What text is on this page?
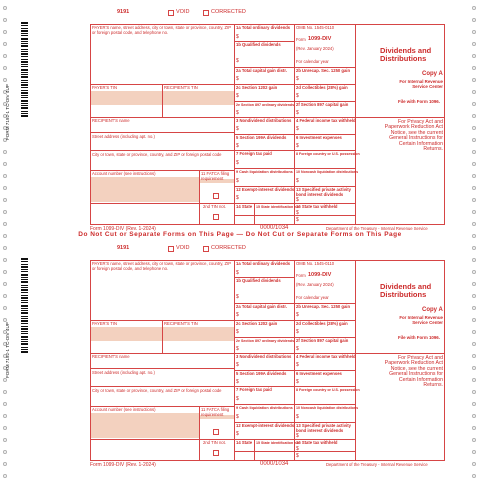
FORM 7192-1 TC-DIV 4UP
FORM 7192-1 TC-DIV 4UP
9191	VOID	CORRECTED
PAYER'S name, street address, city or town, state or province, country, ZIP or foreign postal code, and telephone no.
PAYER'S TIN	RECIPIENT'S TIN
RECIPIENT'S name
Street address (including apt. no.)
City or town, state or province, country, and ZIP or foreign postal code
11 FATCA filing requirement
Account number (see instructions)
2nd TIN not.
1a Total ordinary dividends
$
1b Qualified dividends
$
OMB No. 1545-0110
Form 1099-DIV
(Rev. January 2024)
For calendar year
2a Total capital gain distr.
$
2b Unrecap. Sec. 1250 gain
$
2c Section 1202 gain
$
2d Collectibles (28%) gain
$
2e Section 897 ordinary dividends
$
2f Section 897 capital gain
$
3 Nondividend distributions
$
4 Federal income tax withheld
$
5 Section 199A dividends
$
6 Investment expenses
$
7 Foreign tax paid
$
8 Foreign country or U.S. possession
9 Cash liquidation distributions
$
10 Noncash liquidation distributions
$
12 Exempt-interest dividends
$
13 Specified private activity bond interest dividends
$
14 State 15 State identification no.
16 State tax withheld
$
$
Dividends and Distributions
Copy A
For Internal Revenue Service Center
File with Form 1096.
For Privacy Act and Paperwork Reduction Act Notice, see the current General Instructions for Certain Information Returns.
Form 1099-DIV (Rev. 1-2024)	0000/1034	Department of the Treasury - Internal Revenue Service
Do Not Cut or Separate Forms on This Page — Do Not Cut or Separate Forms on This Page
9191	VOID	CORRECTED
PAYER'S name, street address, city or town, state or province, country, ZIP or foreign postal code, and telephone no.
PAYER'S TIN	RECIPIENT'S TIN
RECIPIENT'S name
Street address (including apt. no.)
City or town, state or province, country, and ZIP or foreign postal code
11 FATCA filing requirement
Account number (see instructions)
2nd TIN not.
1a Total ordinary dividends
$
1b Qualified dividends
$
OMB No. 1545-0110
Form 1099-DIV
(Rev. January 2024)
For calendar year
2a Total capital gain distr.
$
2b Unrecap. Sec. 1250 gain
$
2c Section 1202 gain
$
2d Collectibles (28%) gain
$
2e Section 897 ordinary dividends
$
2f Section 897 capital gain
$
3 Nondividend distributions
$
4 Federal income tax withheld
$
5 Section 199A dividends
$
6 Investment expenses
$
7 Foreign tax paid
$
8 Foreign country or U.S. possession
9 Cash liquidation distributions
$
10 Noncash liquidation distributions
$
12 Exempt-interest dividends
$
13 Specified private activity bond interest dividends
$
14 State 15 State identification no.
16 State tax withheld
$
$
Dividends and Distributions
Copy A
For Internal Revenue Service Center
File with Form 1096.
For Privacy Act and Paperwork Reduction Act Notice, see the current General Instructions for Certain Information Returns.
Form 1099-DIV (Rev. 1-2024)	0000/1034	Department of the Treasury - Internal Revenue Service
